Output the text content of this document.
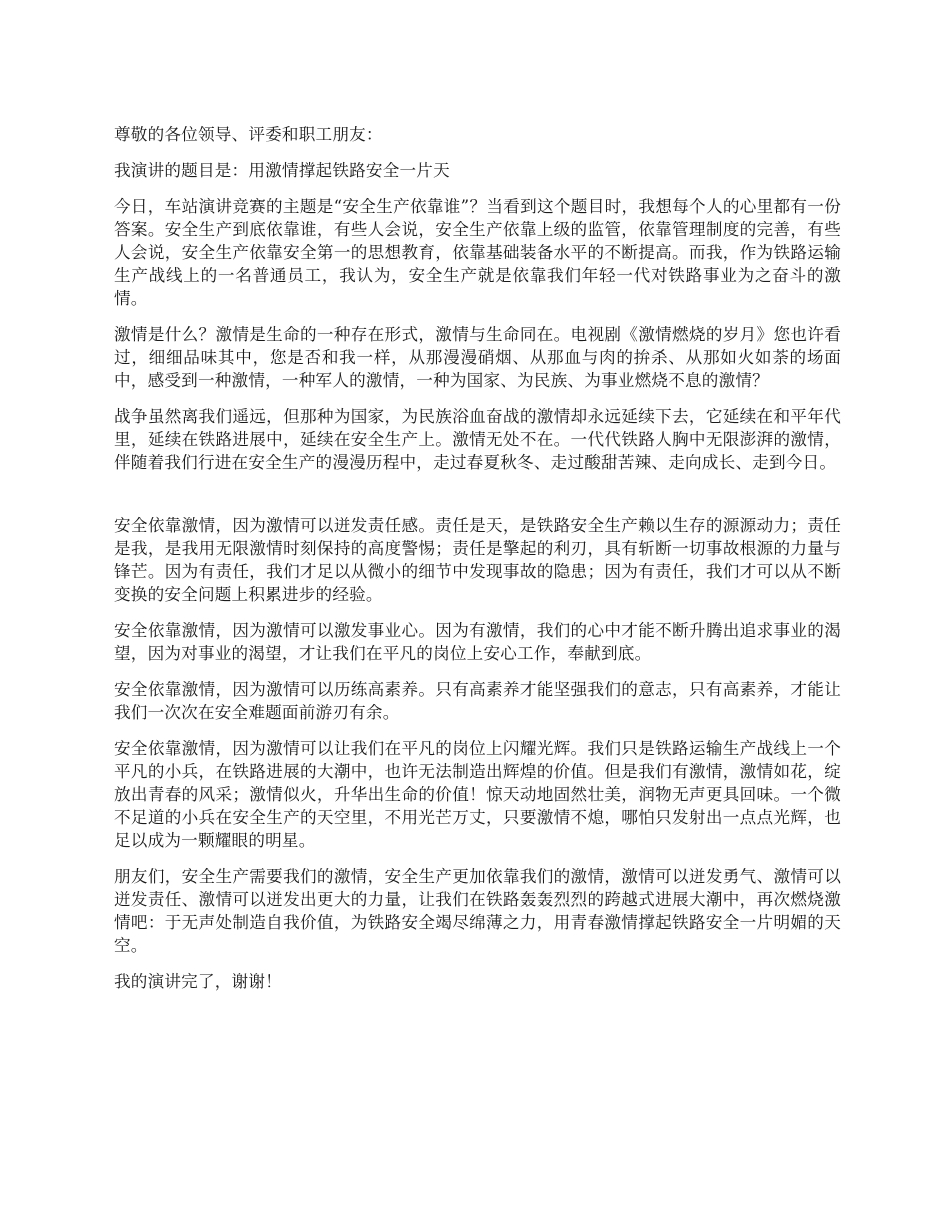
尊敬的各位领导、评委和职工朋友：

我演讲的题目是：用激情撑起铁路安全一片天

今日，车站演讲竞赛的主题是“安全生产依靠谁”？当看到这个题目时，我想每个人的心里都有一份答案。安全生产到底依靠谁，有些人会说，安全生产依靠上级的监管，依靠管理制度的完善，有些人会说，安全生产依靠安全第一的思想教育，依靠基础装备水平的不断提高。而我，作为铁路运输生产战线上的一名普通员工，我认为，安全生产就是依靠我们年轻一代对铁路事业为之奋斗的激情。

激情是什么？激情是生命的一种存在形式，激情与生命同在。电视剧《激情燃烧的岁月》您也许看过，细细品味其中，您是否和我一样，从那漫漫硝烟、从那血与肉的拚杀、从那如火如荼的场面中，感受到一种激情，一种军人的激情，一种为国家、为民族、为事业燃烧不息的激情？

战争虽然离我们遥远，但那种为国家，为民族浴血奋战的激情却永远延续下去，它延续在和平年代里，延续在铁路进展中，延续在安全生产上。激情无处不在。一代代铁路人胸中无限澎湃的激情，伴随着我们行进在安全生产的漫漫历程中，走过春夏秋冬、走过酸甜苦辣、走向成长、走到今日。

安全依靠激情，因为激情可以迸发责任感。责任是天，是铁路安全生产赖以生存的源源动力；责任是我，是我用无限激情时刻保持的高度警惕；责任是擎起的利刃，具有斩断一切事故根源的力量与锋芒。因为有责任，我们才足以从微小的细节中发现事故的隐患；因为有责任，我们才可以从不断变换的安全问题上积累进步的经验。

安全依靠激情，因为激情可以激发事业心。因为有激情，我们的心中才能不断升腾出追求事业的渴望，因为对事业的渴望，才让我们在平凡的岗位上安心工作，奉献到底。

安全依靠激情，因为激情可以历练高素养。只有高素养才能坚强我们的意志，只有高素养，才能让我们一次次在安全难题面前游刃有余。

安全依靠激情，因为激情可以让我们在平凡的岗位上闪耀光辉。我们只是铁路运输生产战线上一个平凡的小兵，在铁路进展的大潮中，也许无法制造出辉煌的价值。但是我们有激情，激情如花，绽放出青春的风采；激情似火，升华出生命的价值！惊天动地固然壮美，润物无声更具回味。一个微不足道的小兵在安全生产的天空里，不用光芒万丈，只要激情不熄，哪怕只发射出一点点光辉，也足以成为一颗耀眼的明星。

朋友们，安全生产需要我们的激情，安全生产更加依靠我们的激情，激情可以迸发勇气、激情可以迸发责任、激情可以迸发出更大的力量，让我们在铁路轰轰烈烈的跨越式进展大潮中，再次燃烧激情吧：于无声处制造自我价值，为铁路安全竭尽绵薄之力，用青春激情撑起铁路安全一片明媚的天空。

我的演讲完了，谢谢！
